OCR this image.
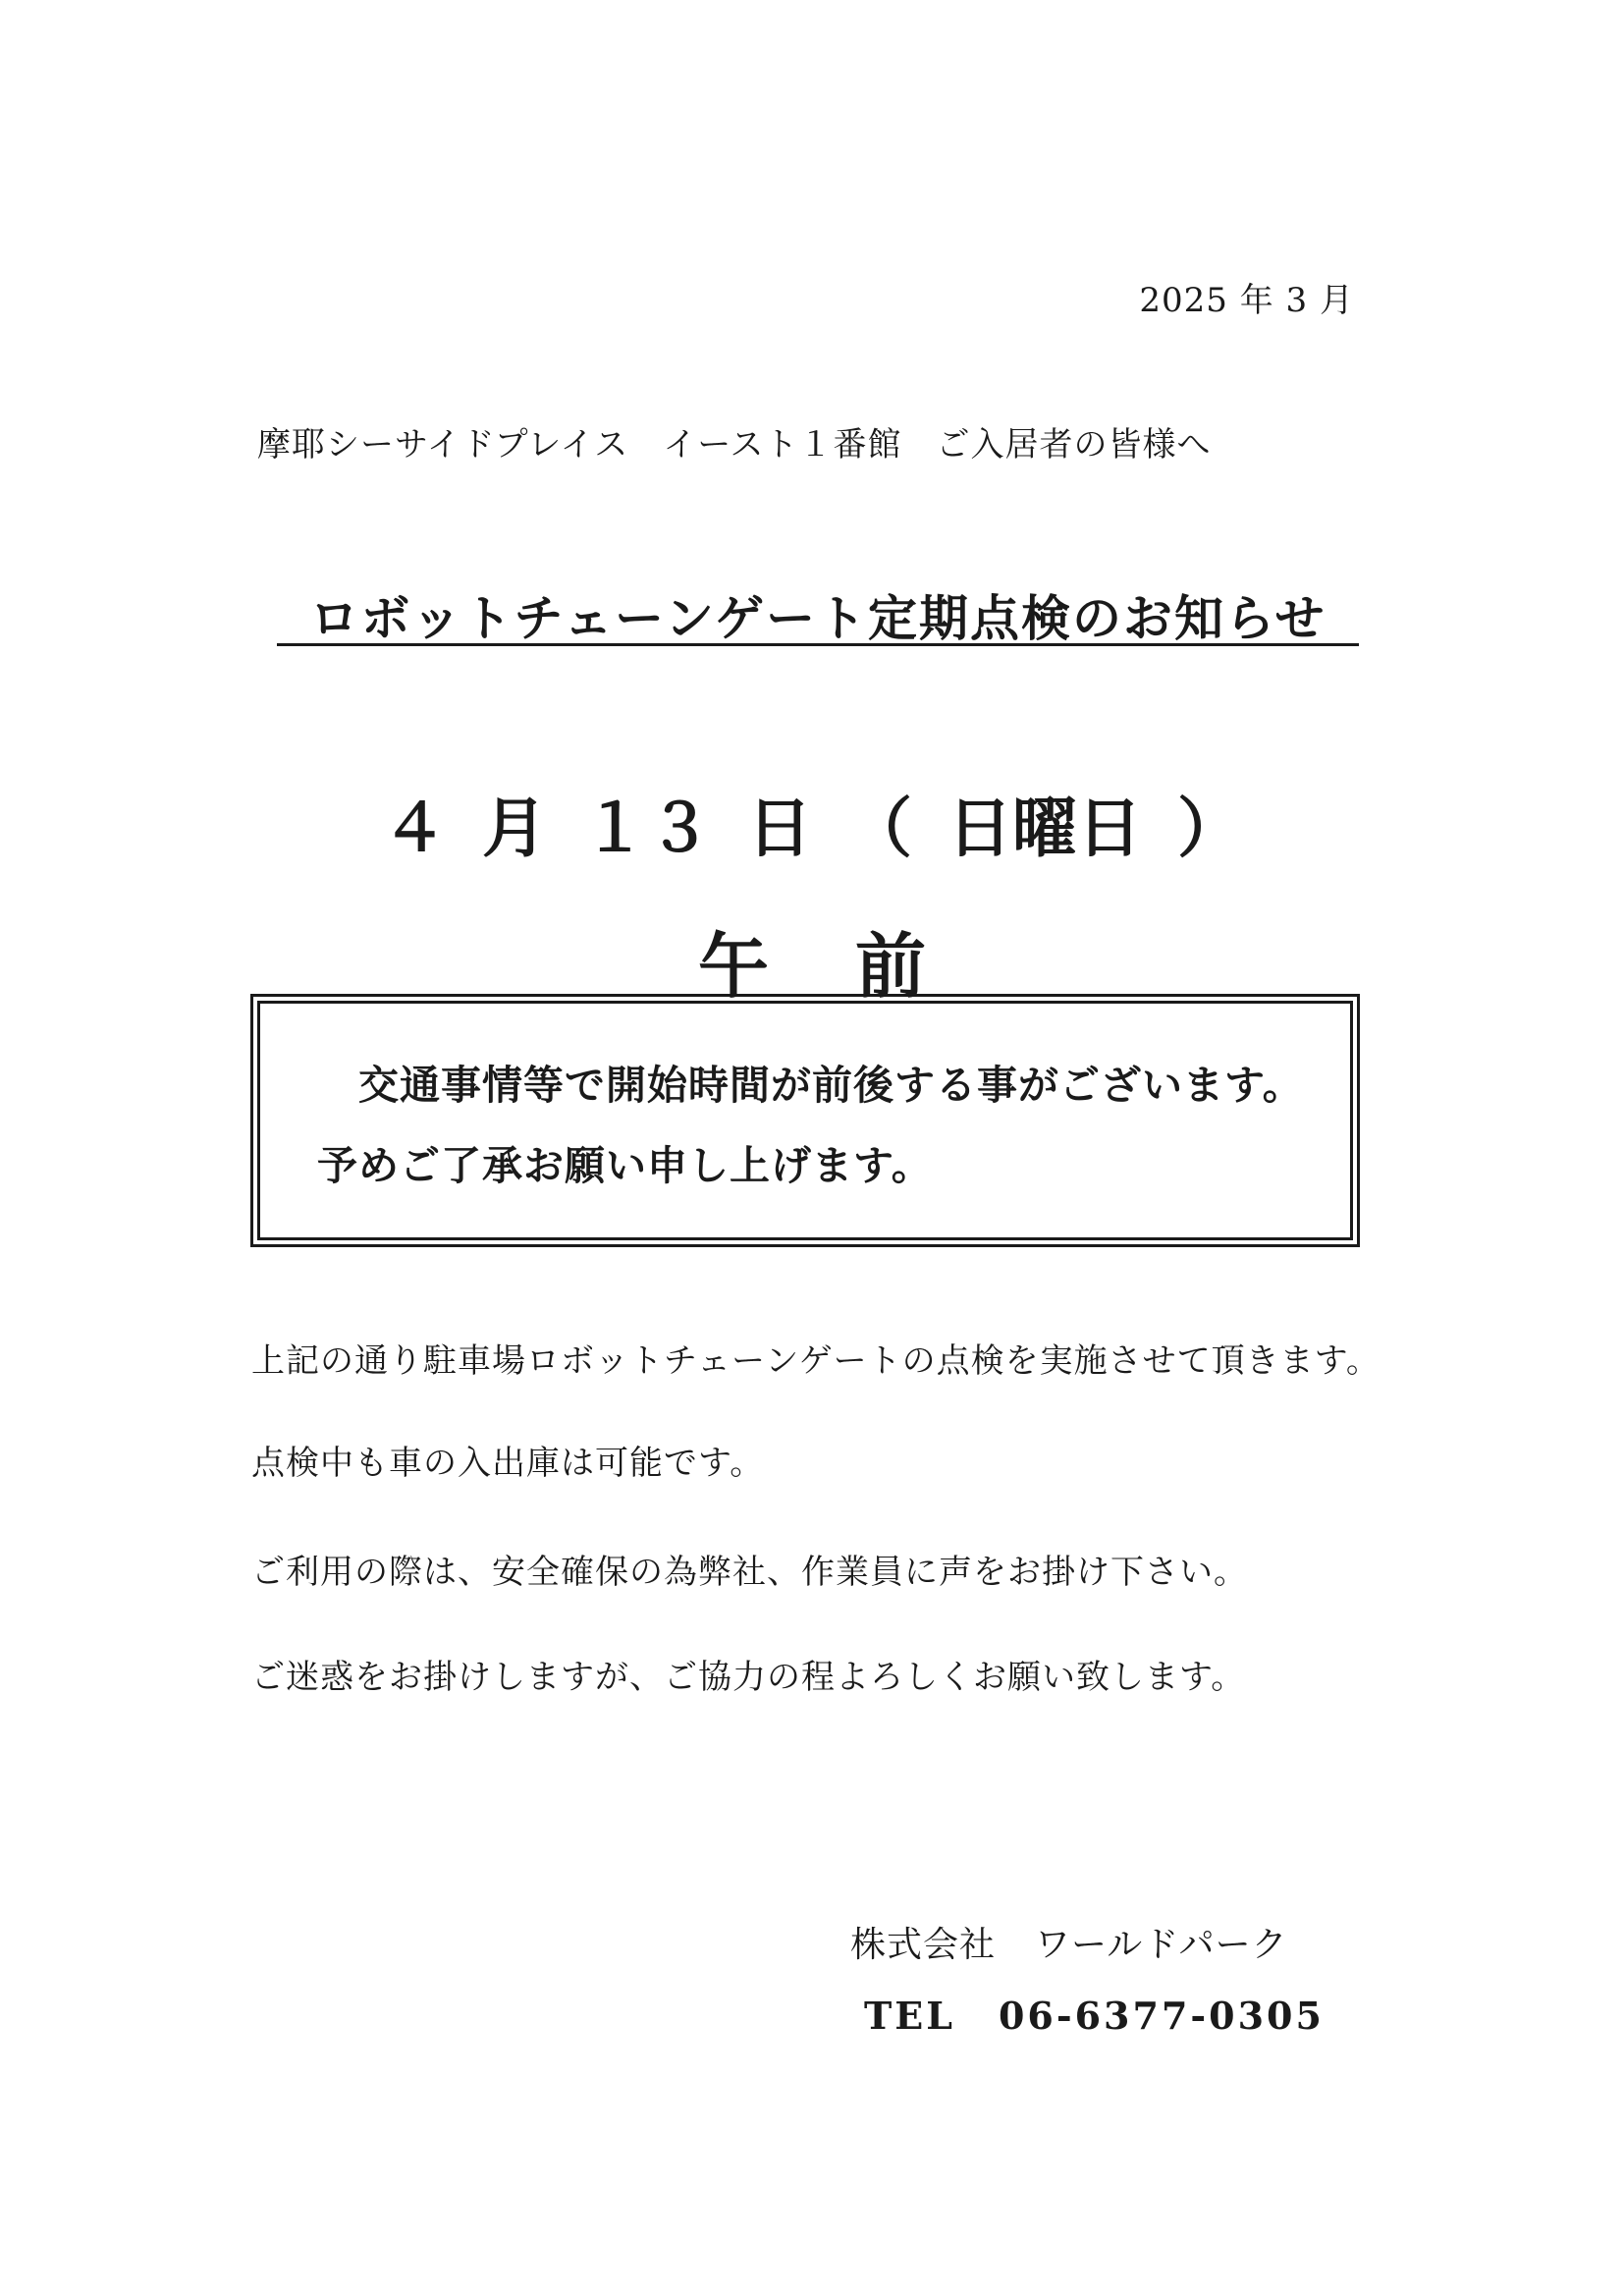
2025 年 3 月
摩耶シーサイドプレイス　イースト１番館　ご入居者の皆様へ
ロボットチェーンゲート定期点検のお知らせ
４ 月 １３ 日 （ 日曜日 ）
午 前
交通事情等で開始時間が前後する事がございます。
予めご了承お願い申し上げます。
上記の通り駐車場ロボットチェーンゲートの点検を実施させて頂きます。
点検中も車の入出庫は可能です。
ご利用の際は、安全確保の為弊社、作業員に声をお掛け下さい。
ご迷惑をお掛けしますが、ご協力の程よろしくお願い致します。
株式会社 ワールドパーク
TEL 06-6377-0305
